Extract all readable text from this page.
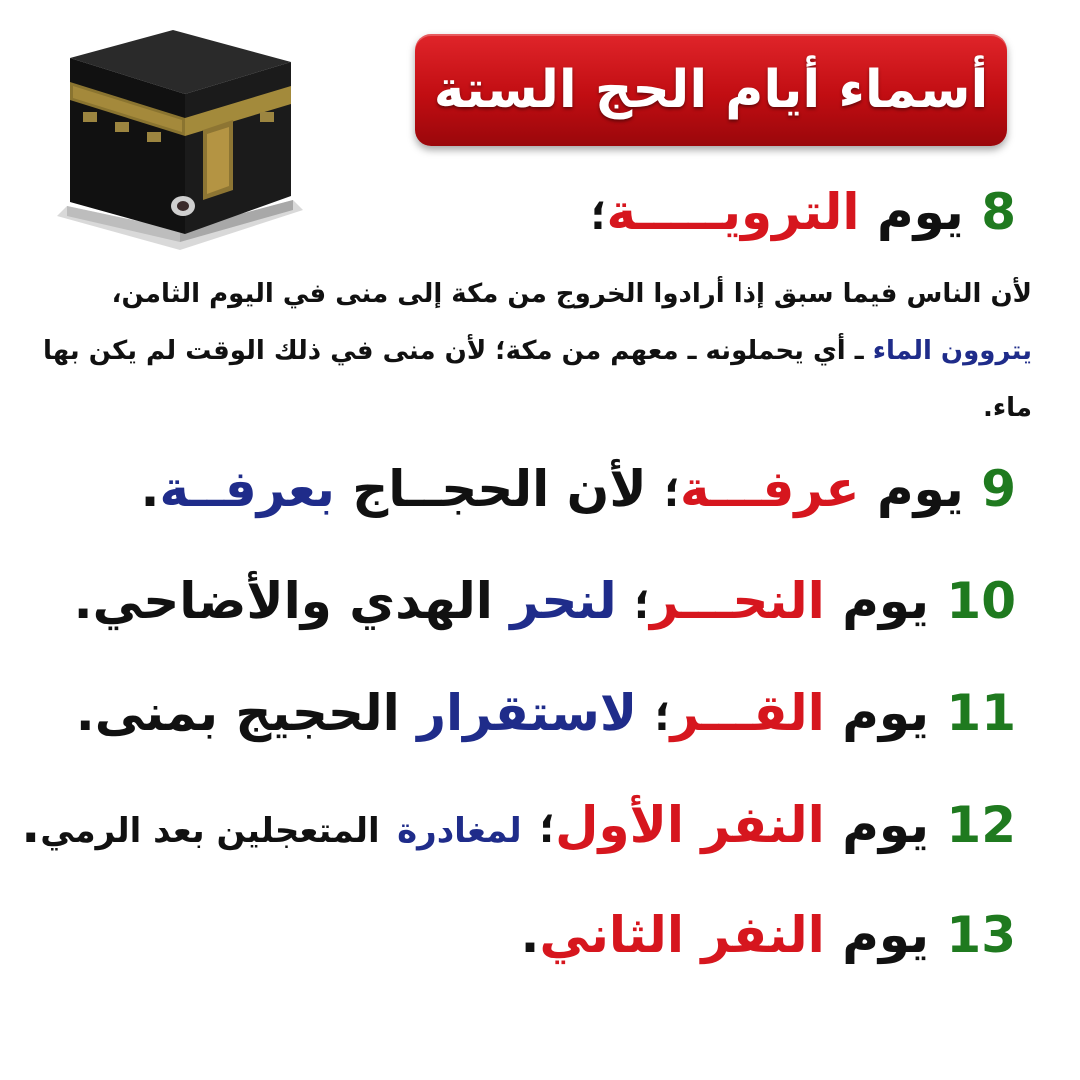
أسماء أيام الحج الستة
8 يوم الترويـــــة؛
لأن الناس فيما سبق إذا أرادوا الخروج من مكة إلى منى في اليوم الثامن، يتروون الماء ـ أي يحملونه ـ معهم من مكة؛ لأن منى في ذلك الوقت لم يكن بها ماء.
9 يوم عرفـــة؛ لأن الحجــاج بعرفــة.
10 يوم النحـــر؛ لنحر الهدي والأضاحي.
11 يوم القـــر؛ لاستقرار الحجيج بمنى.
12 يوم النفر الأول؛ لمغادرة المتعجلين بعد الرمي.
13 يوم النفر الثاني.
